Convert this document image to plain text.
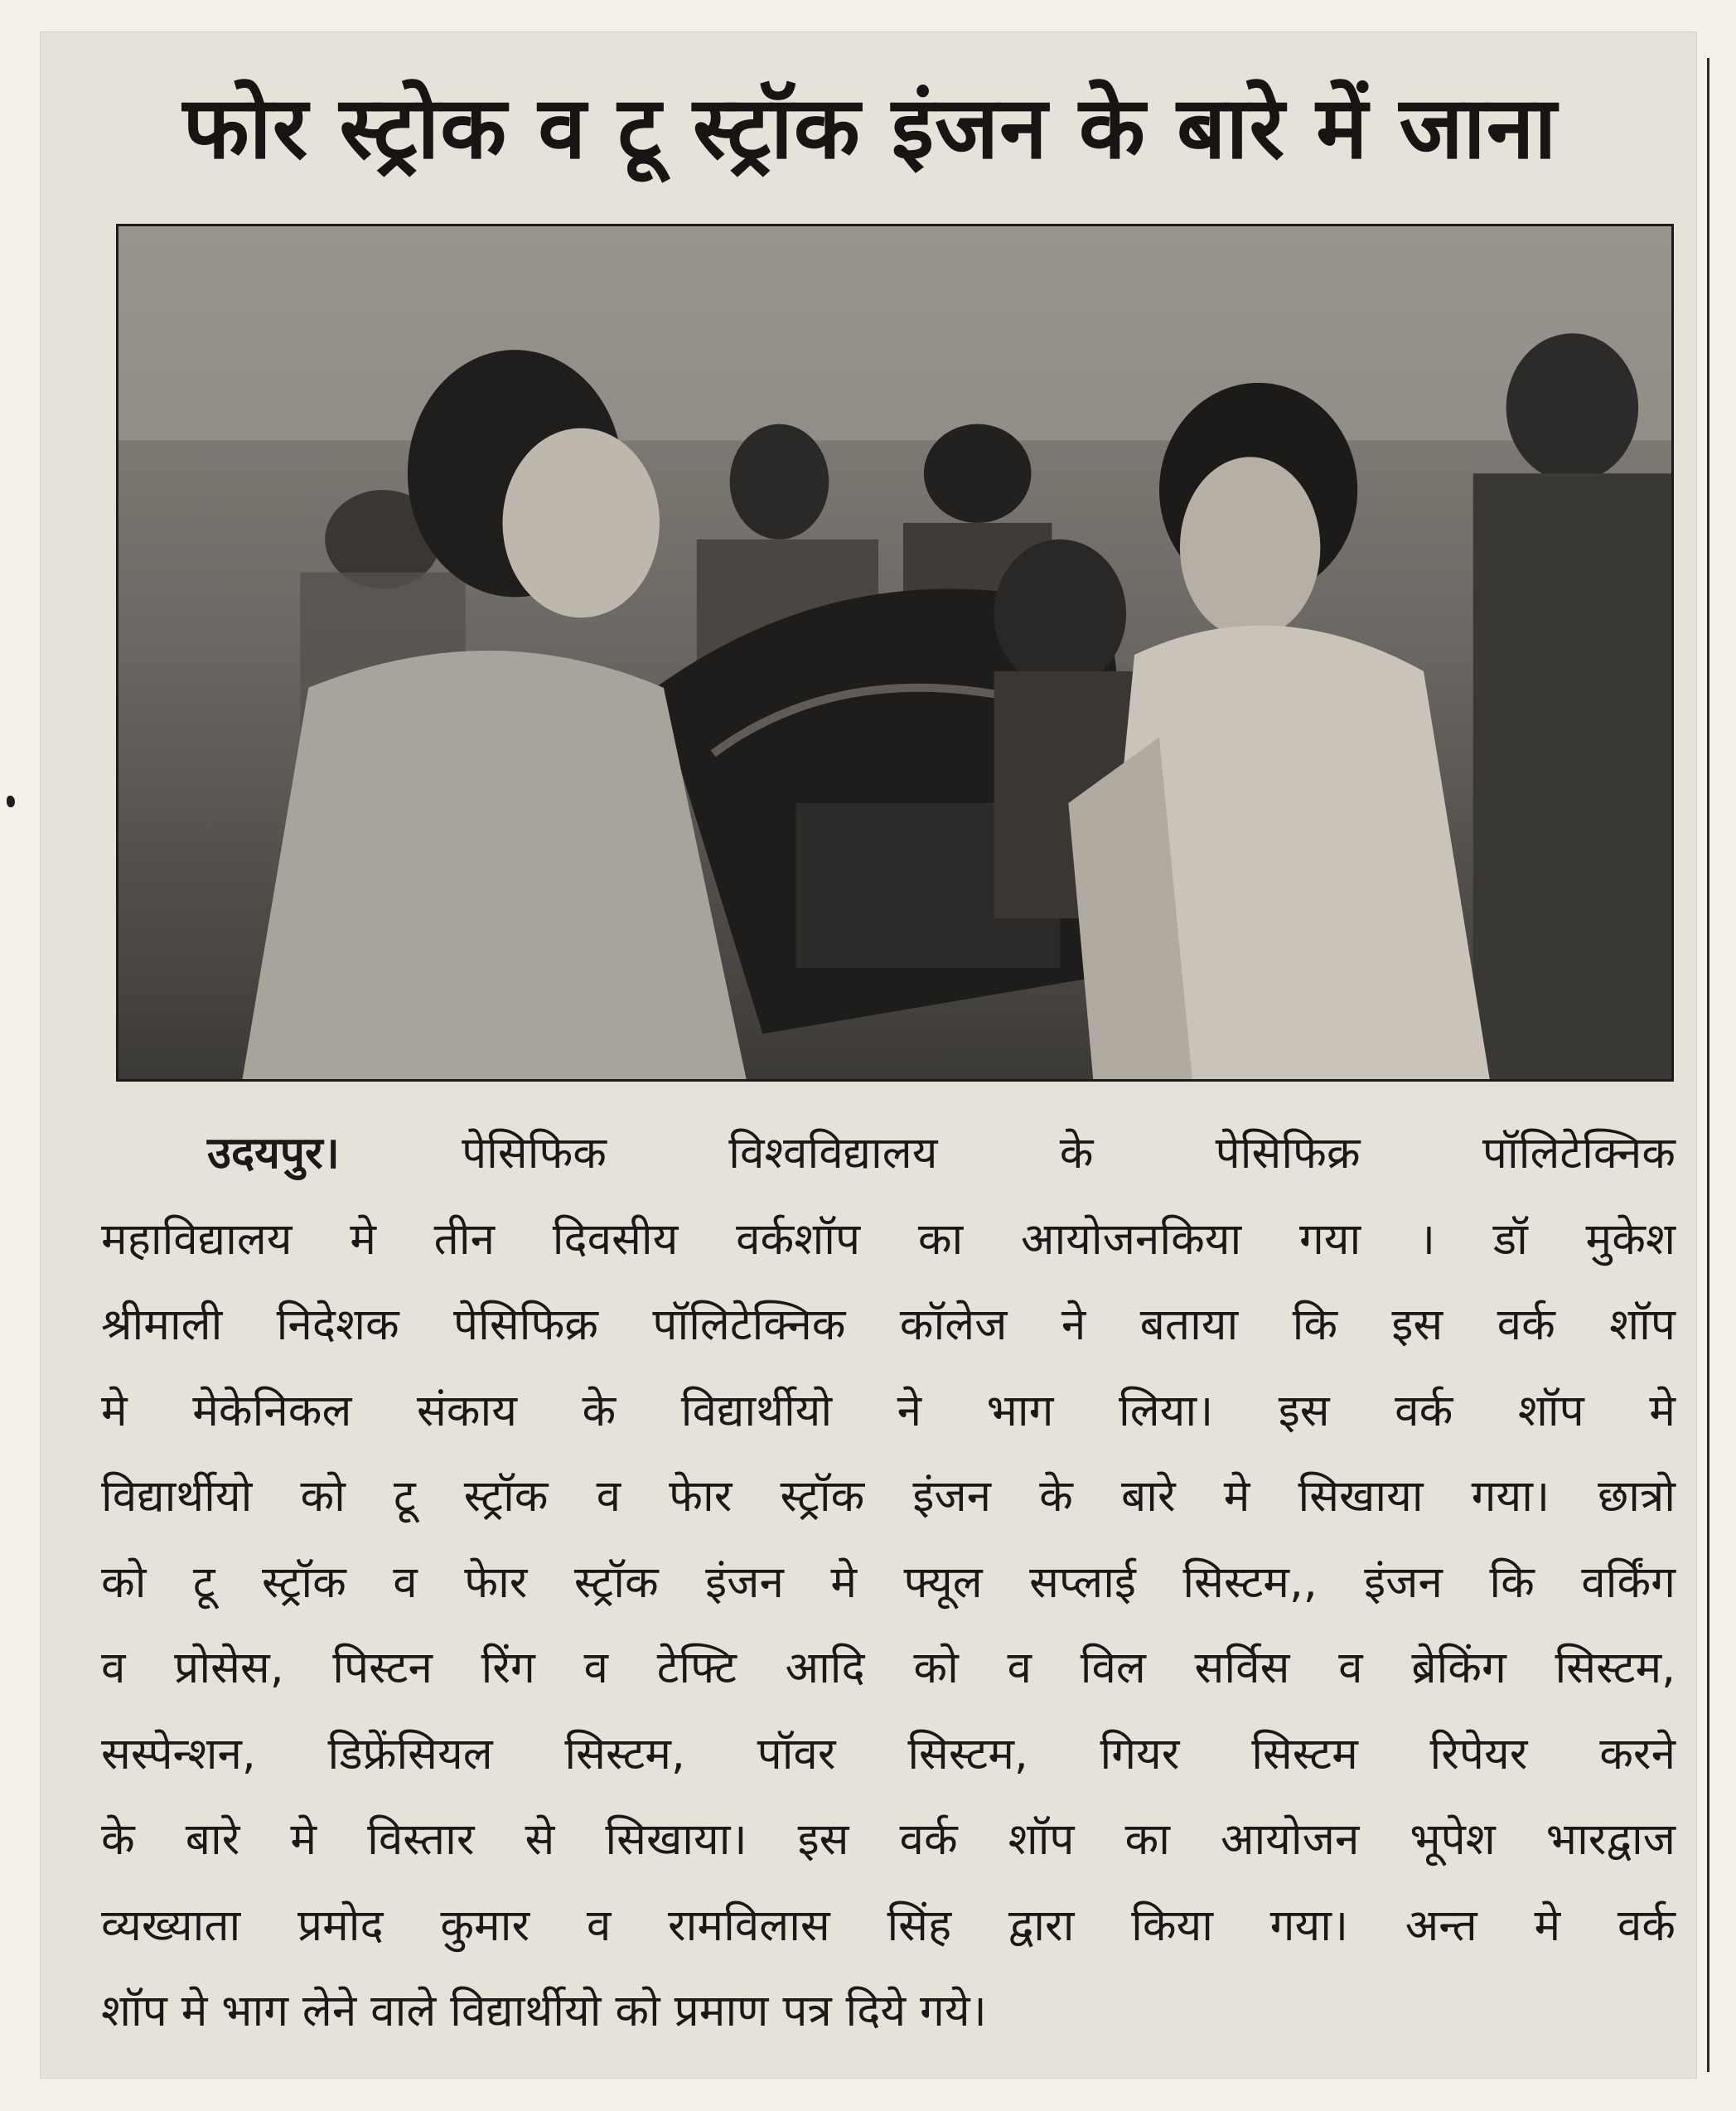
फोर स्ट्रोक व टू स्ट्रॉक इंजन के बारे में जाना
उदयपुर।	पेसिफिक विश्वविद्यालय के पेसिफिक्र पॉलिटेक्निक
महाविद्यालय मे तीन दिवसीय वर्कशॉप का आयोजनकिया गया । डॉ मुकेश
श्रीमाली निदेशक पेसिफिक्र पॉलिटेक्निक कॉलेज ने बताया कि इस वर्क शॉप
मे मेकेनिकल संकाय के विद्यार्थीयो ने भाग लिया। इस वर्क शॉप मे
विद्यार्थीयो को टू स्ट्रॉक व फेार स्ट्रॉक इंजन के बारे मे सिखाया गया। छात्रो
को टू स्ट्रॉक व फेार स्ट्रॉक इंजन मे फ्यूल सप्लाई सिस्टम,, इंजन कि वर्किंग
व प्रोसेस, पिस्टन रिंग व टेफ्टि आदि को व विल सर्विस व ब्रेकिंग सिस्टम,
सस्पेन्शन, डिफ्रेंसियल सिस्टम, पॉवर सिस्टम, गियर सिस्टम रिपेयर करने
के बारे मे विस्तार से सिखाया। इस वर्क शॉप का आयोजन भूपेश भारद्वाज
व्यख्याता प्रमोद कुमार व रामविलास सिंह द्वारा किया गया। अन्त मे वर्क
शॉप मे भाग लेने वाले विद्यार्थीयो को प्रमाण पत्र दिये गये।
